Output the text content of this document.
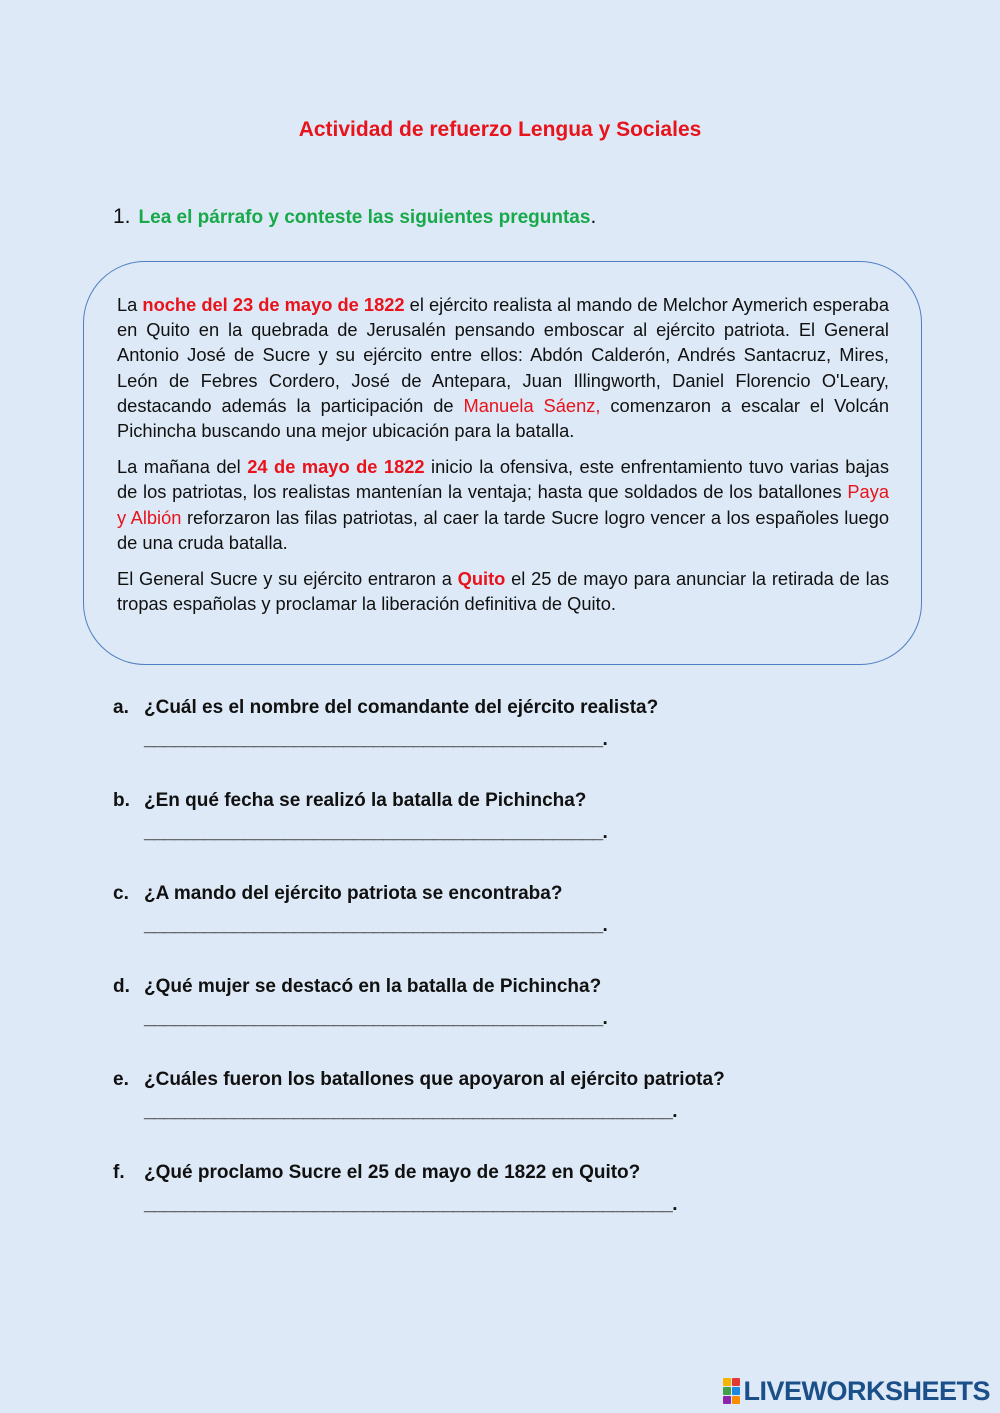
Actividad de refuerzo Lengua y Sociales
1. Lea el párrafo y conteste las siguientes preguntas.

La noche del 23 de mayo de 1822 el ejército realista al mando de Melchor Aymerich esperaba en Quito en la quebrada de Jerusalén pensando emboscar al ejército patriota. El General Antonio José de Sucre y su ejército entre ellos: Abdón Calderón, Andrés Santacruz, Mires, León de Febres Cordero, José de Antepara, Juan Illingworth, Daniel Florencio O'Leary, destacando además la participación de Manuela Sáenz, comenzaron a escalar el Volcán Pichincha buscando una mejor ubicación para la batalla.

La mañana del 24 de mayo de 1822 inicio la ofensiva, este enfrentamiento tuvo varias bajas de los patriotas, los realistas mantenían la ventaja; hasta que soldados de los batallones Paya y Albión reforzaron las filas patriotas, al caer la tarde Sucre logro vencer a los españoles luego de una cruda batalla.

El General Sucre y su ejército entraron a Quito el 25 de mayo para anunciar la retirada de las tropas españolas y proclamar la liberación definitiva de Quito.

a. ¿Cuál es el nombre del comandante del ejército realista?
______________________________________________.
b. ¿En qué fecha se realizó la batalla de Pichincha?
______________________________________________.
c. ¿A mando del ejército patriota se encontraba?
______________________________________________.
d. ¿Qué mujer se destacó en la batalla de Pichincha?
______________________________________________.
e. ¿Cuáles fueron los batallones que apoyaron al ejército patriota?
_____________________________________________________.
f. ¿Qué proclamo Sucre el 25 de mayo de 1822 en Quito?
_____________________________________________________.
LIVEWORKSHEETS
